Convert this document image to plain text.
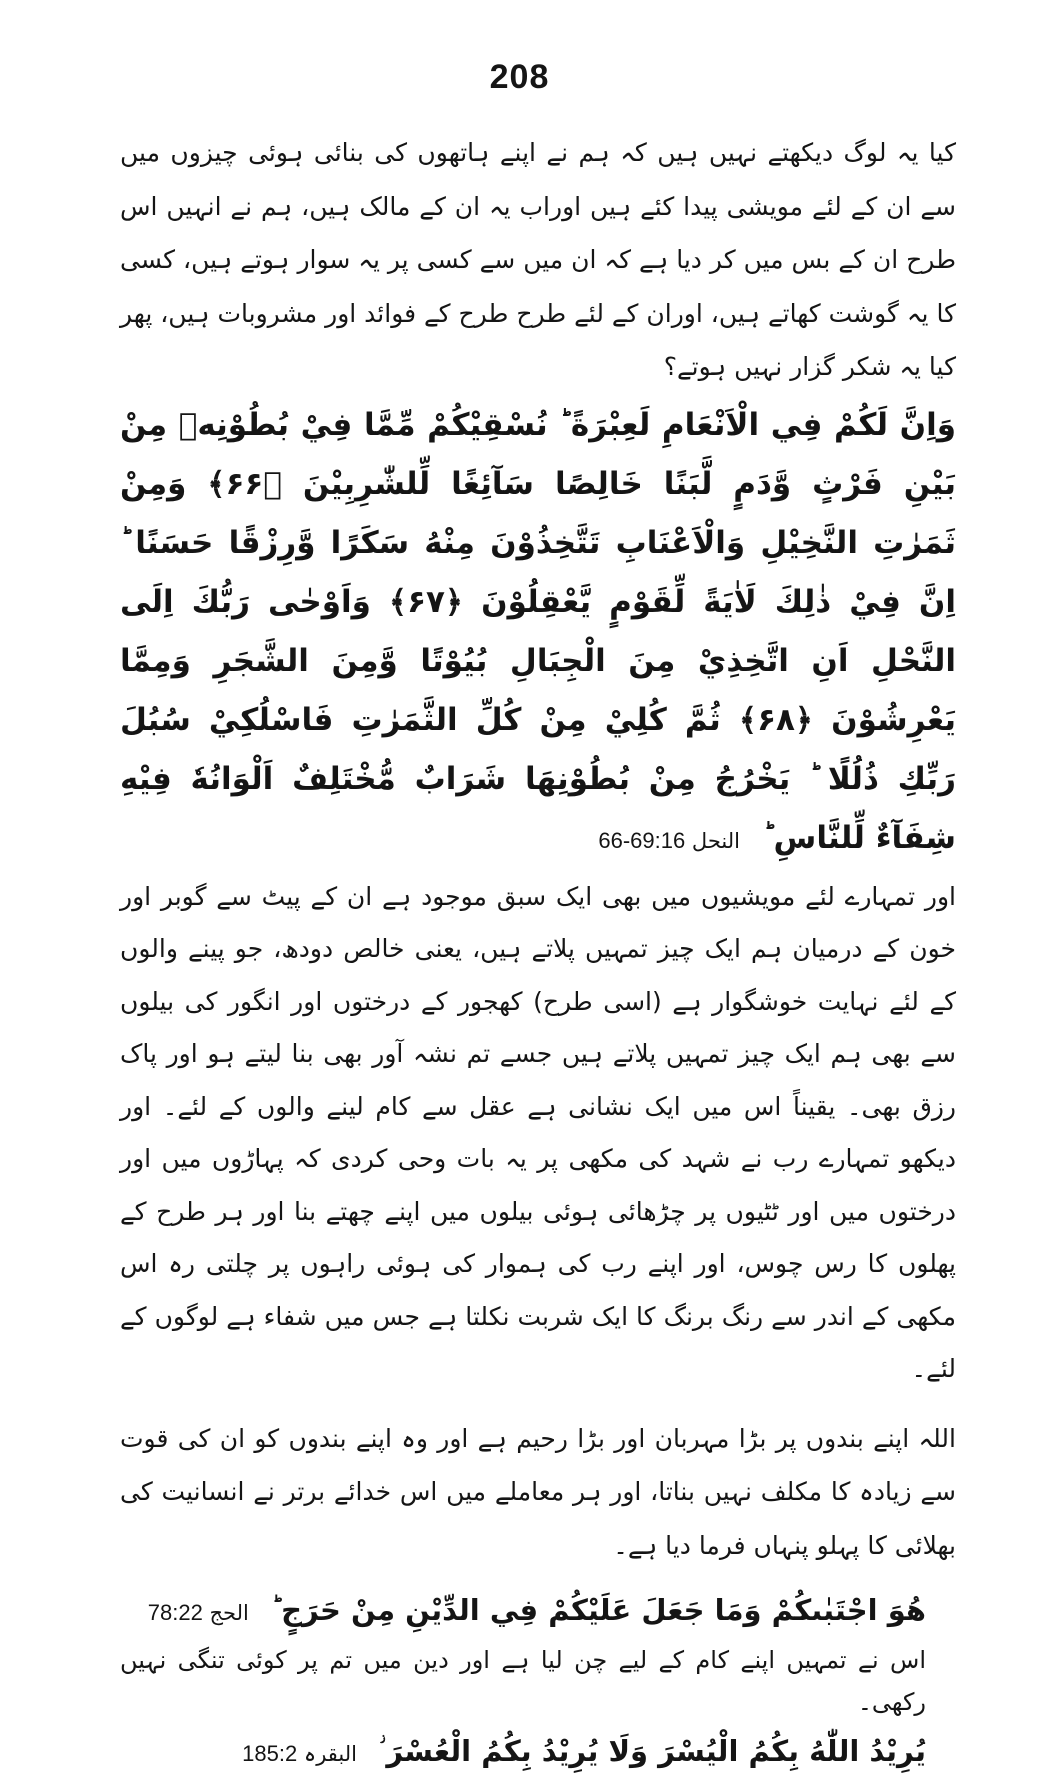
208

کیا یہ لوگ دیکھتے نہیں ہیں کہ ہم نے اپنے ہاتھوں کی بنائی ہوئی چیزوں میں سے ان کے لئے مویشی پیدا کئے ہیں اوراب یہ ان کے مالک ہیں، ہم نے انہیں اس طرح ان کے بس میں کر دیا ہے کہ ان میں سے کسی پر یہ سوار ہوتے ہیں، کسی کا یہ گوشت کھاتے ہیں، اوران کے لئے طرح طرح کے فوائد اور مشروبات ہیں، پھر کیا یہ شکر گزار نہیں ہوتے؟

وَاِنَّ لَكُمْ فِي الْاَنْعَامِ لَعِبْرَةً ؕ نُسْقِيْكُمْ مِّمَّا فِيْ بُطُوْنِهٖ مِنْ بَيْنِ فَرْثٍ وَّدَمٍ لَّبَنًا خَالِصًا سَآئِغًا لِّلشّٰرِبِيْنَ ﴿۶۶﴾ وَمِنْ ثَمَرٰتِ النَّخِيْلِ وَالْاَعْنَابِ تَتَّخِذُوْنَ مِنْهُ سَكَرًا وَّرِزْقًا حَسَنًا ؕ اِنَّ فِيْ ذٰلِكَ لَاٰيَةً لِّقَوْمٍ يَّعْقِلُوْنَ ﴿۶۷﴾ وَاَوْحٰى رَبُّكَ اِلَى النَّحْلِ اَنِ اتَّخِذِيْ مِنَ الْجِبَالِ بُيُوْتًا وَّمِنَ الشَّجَرِ وَمِمَّا يَعْرِشُوْنَ ﴿۶۸﴾ ثُمَّ كُلِيْ مِنْ كُلِّ الثَّمَرٰتِ فَاسْلُكِيْ سُبُلَ رَبِّكِ ذُلُلًا ؕ يَخْرُجُ مِنْ بُطُوْنِهَا شَرَابٌ مُّخْتَلِفٌ اَلْوَانُهٗ فِيْهِ شِفَآءٌ لِّلنَّاسِ ؕ النحل 66-69:16

اور تمہارے لئے مویشیوں میں بھی ایک سبق موجود ہے ان کے پیٹ سے گوبر اور خون کے درمیان ہم ایک چیز تمہیں پلاتے ہیں، یعنی خالص دودھ، جو پینے والوں کے لئے نہایت خوشگوار ہے (اسی طرح) کھجور کے درختوں اور انگور کی بیلوں سے بھی ہم ایک چیز تمہیں پلاتے ہیں جسے تم نشہ آور بھی بنا لیتے ہو اور پاک رزق بھی۔ یقیناً اس میں ایک نشانی ہے عقل سے کام لینے والوں کے لئے۔ اور دیکھو تمہارے رب نے شہد کی مکھی پر یہ بات وحی کردی کہ پہاڑوں میں اور درختوں میں اور ٹٹیوں پر چڑھائی ہوئی بیلوں میں اپنے چھتے بنا اور ہر طرح کے پھلوں کا رس چوس، اور اپنے رب کی ہموار کی ہوئی راہوں پر چلتی رہ اس مکھی کے اندر سے رنگ برنگ کا ایک شربت نکلتا ہے جس میں شفاء ہے لوگوں کے لئے۔

اللہ اپنے بندوں پر بڑا مہربان اور بڑا رحیم ہے اور وہ اپنے بندوں کو ان کی قوت سے زیادہ کا مکلف نہیں بناتا، اور ہر معاملے میں اس خدائے برتر نے انسانیت کی بھلائی کا پہلو پنہاں فرما دیا ہے۔

هُوَ اجْتَبٰىكُمْ وَمَا جَعَلَ عَلَيْكُمْ فِي الدِّيْنِ مِنْ حَرَجٍ ؕ الحج 78:22

اس نے تمہیں اپنے کام کے لیے چن لیا ہے اور دین میں تم پر کوئی تنگی نہیں رکھی۔

يُرِيْدُ اللّٰهُ بِكُمُ الْيُسْرَ وَلَا يُرِيْدُ بِكُمُ الْعُسْرَ ؗ البقرہ 185:2
